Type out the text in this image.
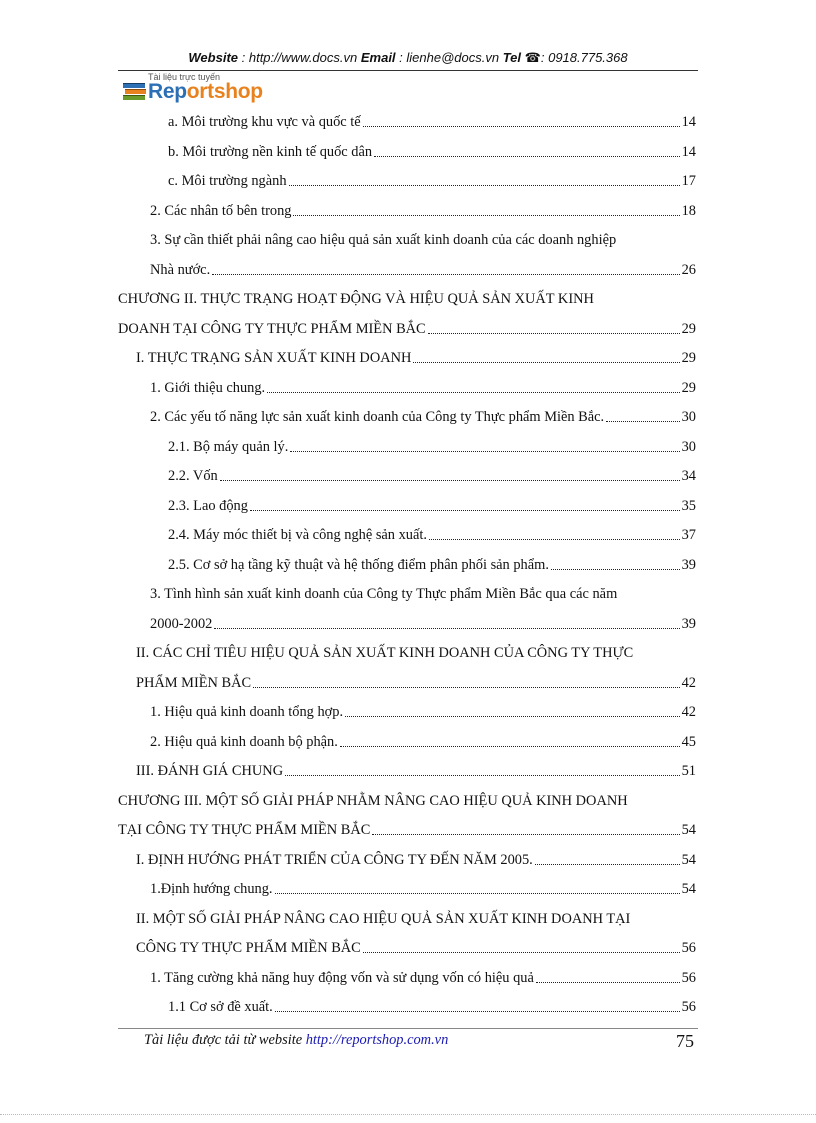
Website : http://www.docs.vn Email : lienhe@docs.vn Tel ☎: 0918.775.368
Tài liệu trực tuyến
Reportshop
a. Môi trường khu vực và quốc tế	14
b. Môi trường nền kinh tế quốc dân	14
c. Môi trường ngành	17
2. Các nhân tố bên trong	18
3. Sự cần thiết phải nâng cao hiệu quả sản xuất kinh doanh của các doanh nghiệp
Nhà nước.	26
CHƯƠNG II. THỰC TRẠNG HOẠT ĐỘNG VÀ HIỆU QUẢ SẢN XUẤT KINH
DOANH TẠI CÔNG TY THỰC PHẨM MIỀN BẮC	29
I. THỰC TRẠNG SẢN XUẤT KINH DOANH	29
1. Giới thiệu chung.	29
2. Các yếu tố năng lực sản xuất kinh doanh của Công ty Thực phẩm Miền Bắc.	30
2.1. Bộ máy quản lý.	30
2.2. Vốn	34
2.3. Lao động	35
2.4. Máy móc thiết bị và công nghệ sản xuất.	37
2.5. Cơ sở hạ tầng kỹ thuật và hệ thống điểm phân phối sản phẩm.	39
3. Tình hình sản xuất kinh doanh của Công ty Thực phẩm Miền Bắc qua các năm
2000-2002	39
II. CÁC CHỈ TIÊU HIỆU QUẢ SẢN XUẤT KINH DOANH CỦA CÔNG TY THỰC
PHẨM MIỀN BẮC	42
1. Hiệu quả kinh doanh tổng hợp.	42
2. Hiệu quả kinh doanh bộ phận.	45
III. ĐÁNH GIÁ CHUNG	51
CHƯƠNG III. MỘT SỐ GIẢI PHÁP NHẰM NÂNG CAO HIỆU QUẢ KINH DOANH
TẠI CÔNG TY THỰC PHẨM MIỀN BẮC	54
I. ĐỊNH HƯỚNG PHÁT TRIỂN CỦA CÔNG TY ĐẾN NĂM 2005.	54
1.Định hướng chung.	54
II. MỘT SỐ GIẢI PHÁP NÂNG CAO HIỆU QUẢ SẢN XUẤT KINH DOANH TẠI
CÔNG TY THỰC PHẨM MIỀN BẮC	56
1. Tăng cường khả năng huy động vốn và sử dụng vốn có hiệu quả	56
1.1 Cơ sở đề xuất.	56
Tài liệu được tải từ website http://reportshop.com.vn	75
